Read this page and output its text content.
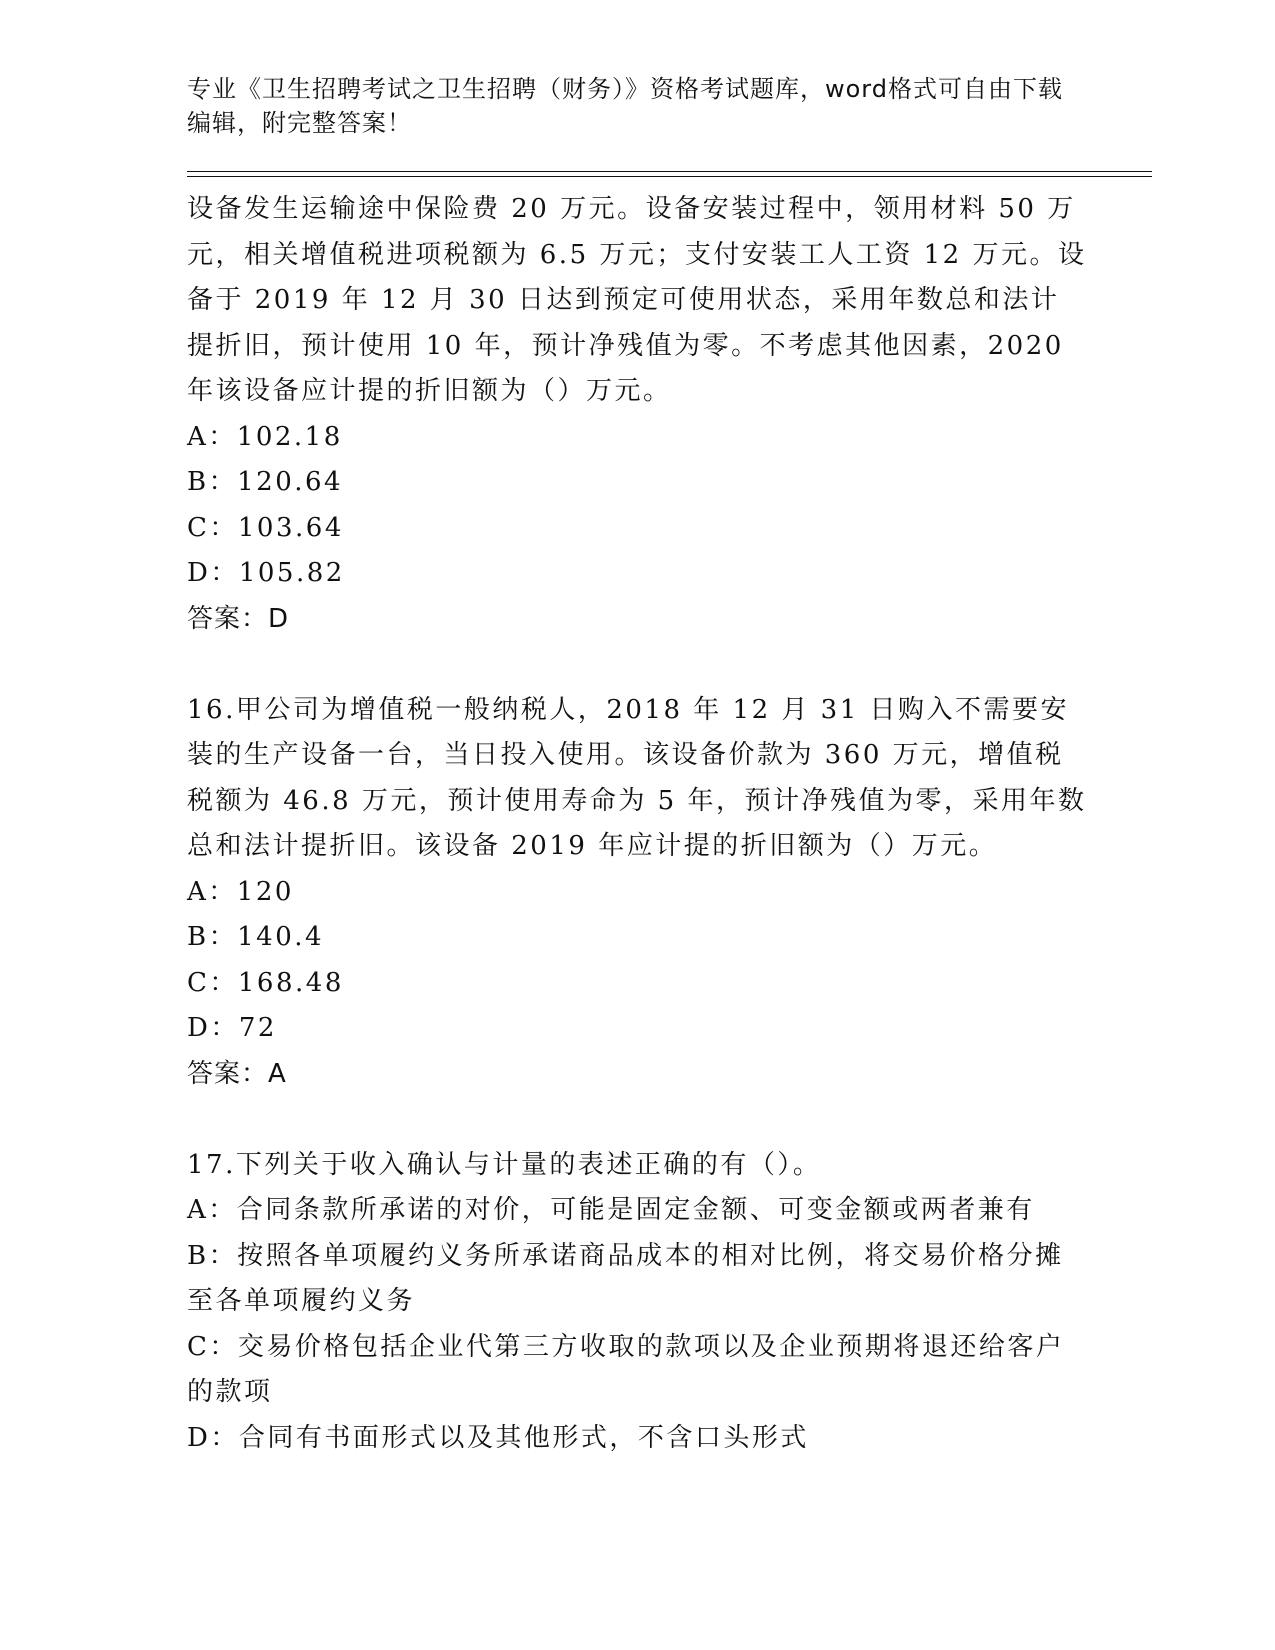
专业《卫生招聘考试之卫生招聘（财务）》资格考试题库，word格式可自由下载编辑，附完整答案！

设备发生运输途中保险费 20 万元。设备安装过程中，领用材料 50 万元，相关增值税进项税额为 6.5 万元；支付安装工人工资 12 万元。设备于 2019 年 12 月 30 日达到预定可使用状态，采用年数总和法计提折旧，预计使用 10 年，预计净残值为零。不考虑其他因素，2020 年该设备应计提的折旧额为（）万元。

A：102.18

B：120.64

C：103.64

D：105.82

答案：D

16.甲公司为增值税一般纳税人，2018 年 12 月 31 日购入不需要安装的生产设备一台，当日投入使用。该设备价款为 360 万元，增值税税额为 46.8 万元，预计使用寿命为 5 年，预计净残值为零，采用年数总和法计提折旧。该设备 2019 年应计提的折旧额为（）万元。

A：120

B：140.4

C：168.48

D：72

答案：A

17.下列关于收入确认与计量的表述正确的有（）。

A：合同条款所承诺的对价，可能是固定金额、可变金额或两者兼有

B：按照各单项履约义务所承诺商品成本的相对比例，将交易价格分摊至各单项履约义务

C：交易价格包括企业代第三方收取的款项以及企业预期将退还给客户的款项

D：合同有书面形式以及其他形式，不含口头形式
